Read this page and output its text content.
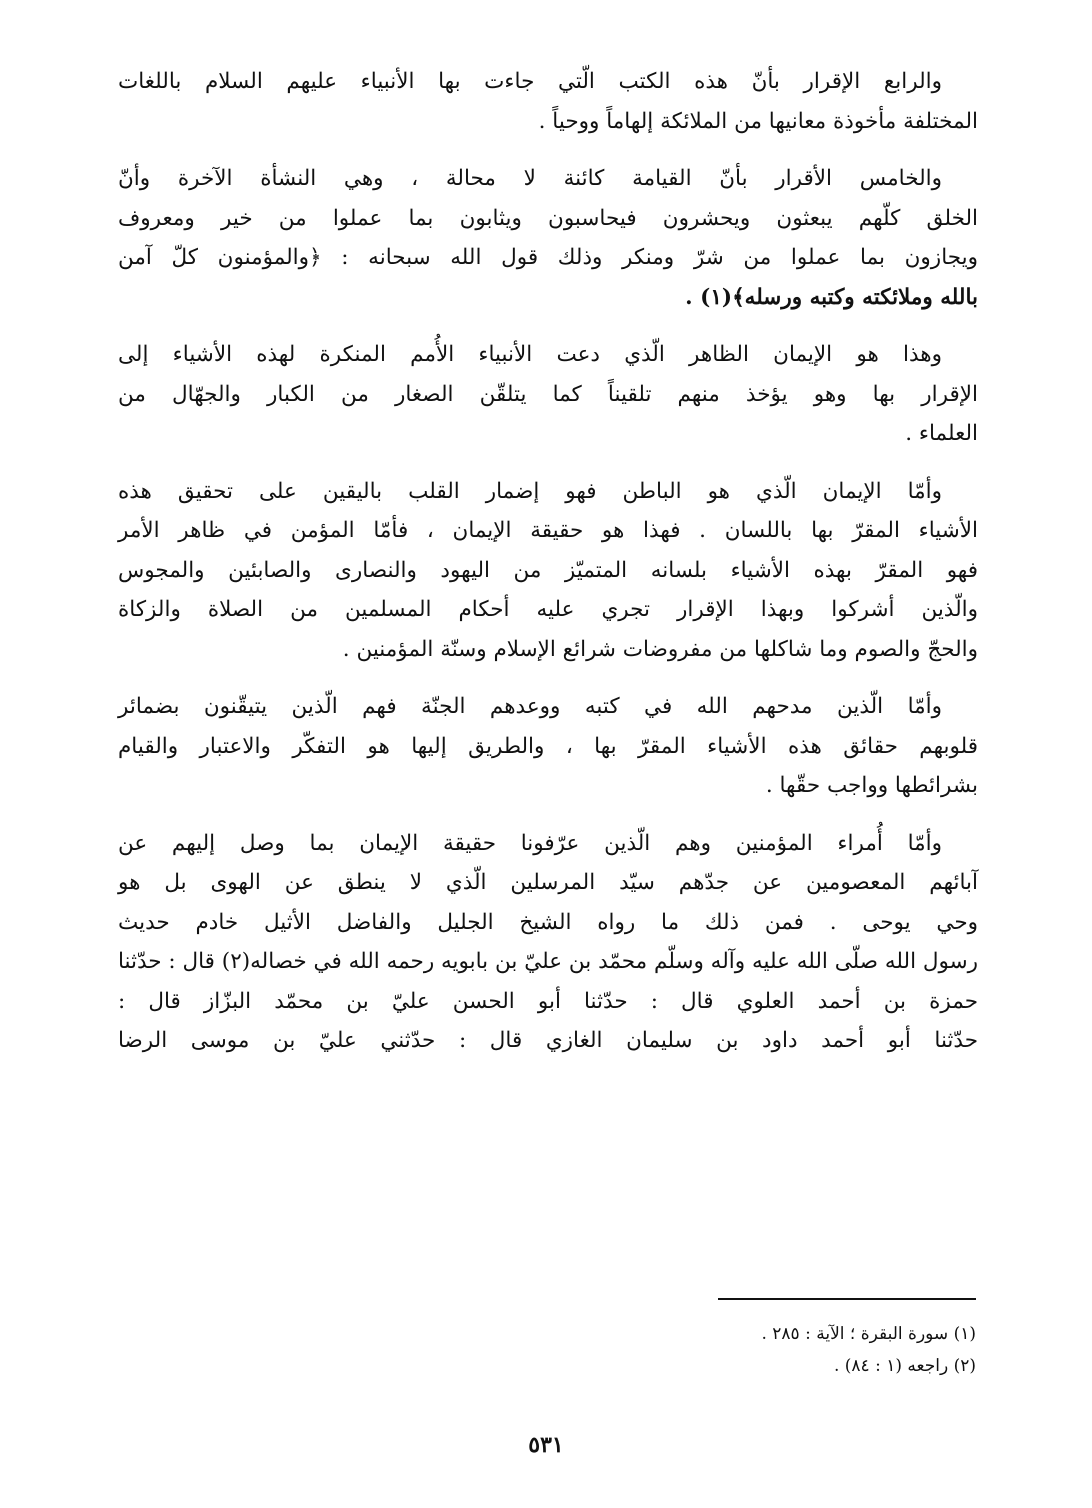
والرابع الإقرار بأنّ هذه الكتب الّتي جاءت بها الأنبياء عليهم السلام باللغات
المختلفة مأخوذة معانيها من الملائكة إلهاماً ووحياً .
والخامس الأقرار بأنّ القيامة كائنة لا محالة ، وهي النشأة الآخرة وأنّ
الخلق كلّهم يبعثون ويحشرون فيحاسبون ويثابون بما عملوا من خير ومعروف
ويجازون بما عملوا من شرّ ومنكر وذلك قول الله سبحانه : ﴿والمؤمنون كلّ آمن
بالله وملائكته وكتبه ورسله﴾(١) .
وهذا هو الإيمان الظاهر الّذي دعت الأنبياء الأُمم المنكرة لهذه الأشياء إلى
الإقرار بها وهو يؤخذ منهم تلقيناً كما يتلقّن الصغار من الكبار والجهّال من
العلماء .
وأمّا الإيمان الّذي هو الباطن فهو إضمار القلب باليقين على تحقيق هذه
الأشياء المقرّ بها باللسان . فهذا هو حقيقة الإيمان ، فأمّا المؤمن في ظاهر الأمر
فهو المقرّ بهذه الأشياء بلسانه المتميّز من اليهود والنصارى والصابئين والمجوس
والّذين أشركوا وبهذا الإقرار تجري عليه أحكام المسلمين من الصلاة والزكاة
والحجّ والصوم وما شاكلها من مفروضات شرائع الإسلام وسنّة المؤمنين .
وأمّا الّذين مدحهم الله في كتبه ووعدهم الجنّة فهم الّذين يتيقّنون بضمائر
قلوبهم حقائق هذه الأشياء المقرّ بها ، والطريق إليها هو التفكّر والاعتبار والقيام
بشرائطها وواجب حقّها .
وأمّا أُمراء المؤمنين وهم الّذين عرّفونا حقيقة الإيمان بما وصل إليهم عن
آبائهم المعصومين عن جدّهم سيّد المرسلين الّذي لا ينطق عن الهوى بل هو
وحي يوحى . فمن ذلك ما رواه الشيخ الجليل والفاضل الأثيل خادم حديث
رسول الله صلّى الله عليه وآله وسلّم محمّد بن عليّ بن بابويه رحمه الله في خصاله(٢) قال : حدّثنا
حمزة بن أحمد العلوي قال : حدّثنا أبو الحسن عليّ بن محمّد البزّاز قال :
حدّثنا أبو أحمد داود بن سليمان الغازي قال : حدّثني عليّ بن موسى الرضا
(١) سورة البقرة ؛ الآية : ٢٨٥ .
(٢) راجعه (١ : ٨٤) .
٥٣١
